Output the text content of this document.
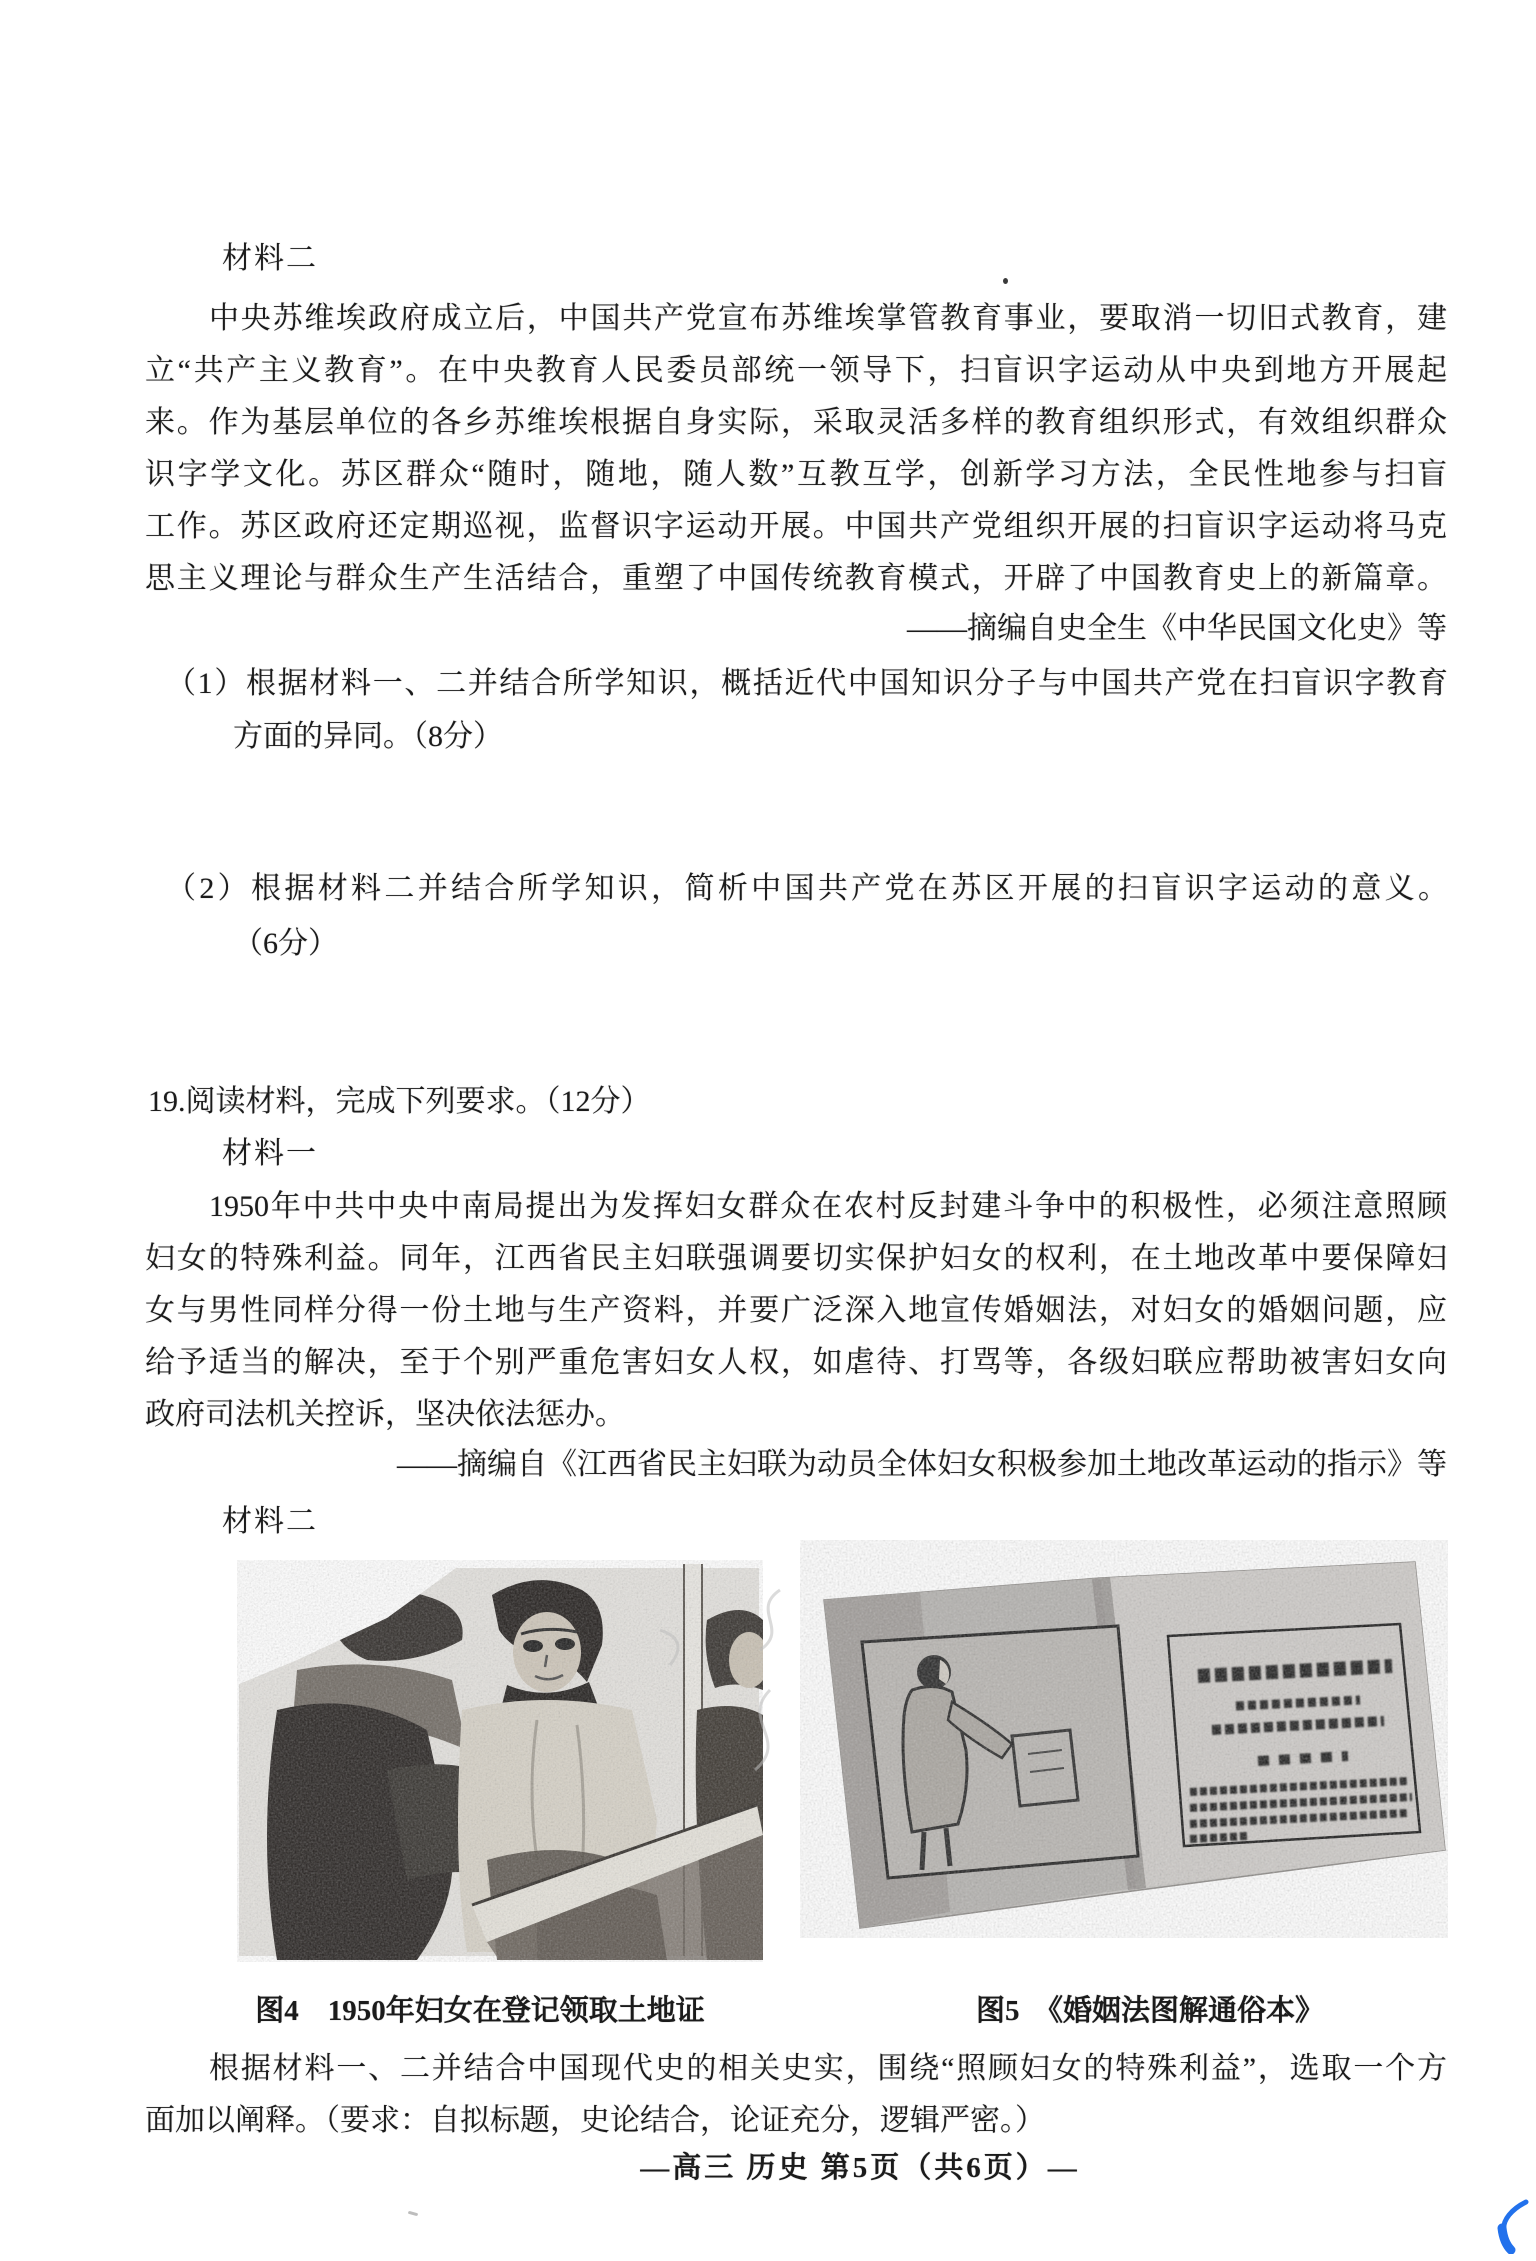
材料二
中央苏维埃政府成立后，中国共产党宣布苏维埃掌管教育事业，要取消一切旧式教育，建
立“共产主义教育”。在中央教育人民委员部统一领导下，扫盲识字运动从中央到地方开展起
来。作为基层单位的各乡苏维埃根据自身实际，采取灵活多样的教育组织形式，有效组织群众
识字学文化。苏区群众“随时，随地，随人数”互教互学，创新学习方法，全民性地参与扫盲
工作。苏区政府还定期巡视，监督识字运动开展。中国共产党组织开展的扫盲识字运动将马克
思主义理论与群众生产生活结合，重塑了中国传统教育模式，开辟了中国教育史上的新篇章。
——摘编自史全生《中华民国文化史》等
（1）根据材料一、二并结合所学知识，概括近代中国知识分子与中国共产党在扫盲识字教育
方面的异同。（8分）
（2）根据材料二并结合所学知识，简析中国共产党在苏区开展的扫盲识字运动的意义。
（6分）
19.阅读材料，完成下列要求。（12分）
材料一
1950年中共中央中南局提出为发挥妇女群众在农村反封建斗争中的积极性，必须注意照顾
妇女的特殊利益。同年，江西省民主妇联强调要切实保护妇女的权利，在土地改革中要保障妇
女与男性同样分得一份土地与生产资料，并要广泛深入地宣传婚姻法，对妇女的婚姻问题，应
给予适当的解决，至于个别严重危害妇女人权，如虐待、打骂等，各级妇联应帮助被害妇女向
政府司法机关控诉，坚决依法惩办。
——摘编自《江西省民主妇联为动员全体妇女积极参加土地改革运动的指示》等
材料二
图4　1950年妇女在登记领取土地证	图5　《婚姻法图解通俗本》
根据材料一、二并结合中国现代史的相关史实，围绕“照顾妇女的特殊利益”，选取一个方
面加以阐释。（要求：自拟标题，史论结合，论证充分，逻辑严密。）
—高三 历史 第5页（共6页）—
